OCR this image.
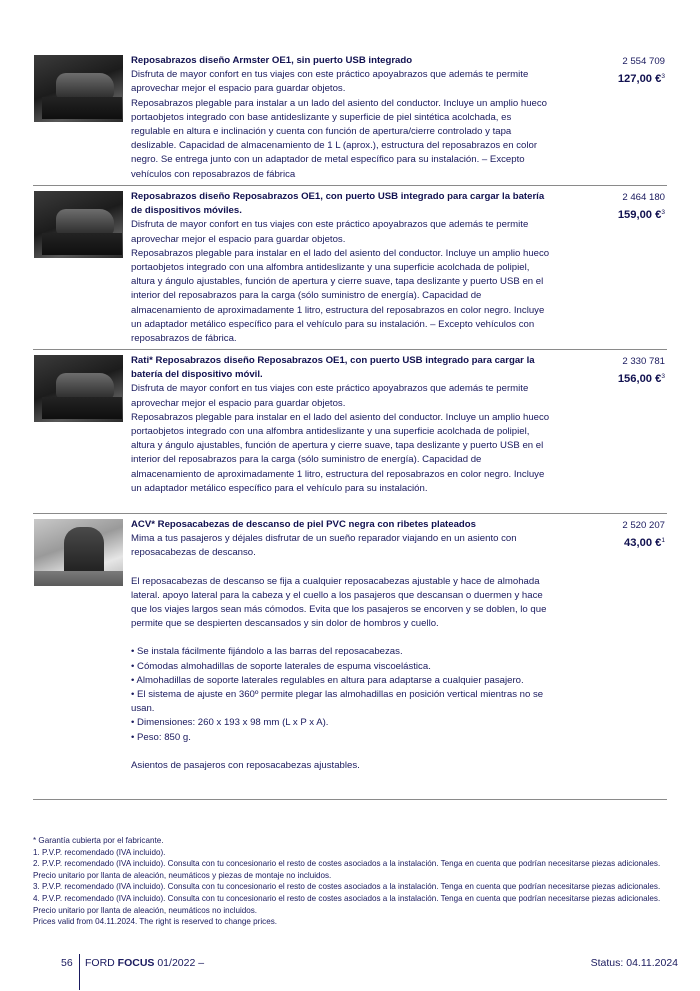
Reposabrazos diseño Armster OE1, sin puerto USB integrado

Disfruta de mayor confort en tus viajes con este práctico apoyabrazos que además te permite aprovechar mejor el espacio para guardar objetos.

Reposabrazos plegable para instalar a un lado del asiento del conductor. Incluye un amplio hueco portaobjetos integrado con base antideslizante y superficie de piel sintética acolchada, es regulable en altura e inclinación y cuenta con función de apertura/cierre controlado y tapa deslizable. Capacidad de almacenamiento de 1 L (aprox.), estructura del reposabrazos en color negro. Se entrega junto con un adaptador de metal específico para su instalación. – Excepto vehículos con reposabrazos de fábrica

2 554 709
127,00 €$^3$

Reposabrazos diseño Reposabrazos OE1, con puerto USB integrado para cargar la batería de dispositivos móviles.

Disfruta de mayor confort en tus viajes con este práctico apoyabrazos que además te permite aprovechar mejor el espacio para guardar objetos.

Reposabrazos plegable para instalar en el lado del asiento del conductor. Incluye un amplio hueco portaobjetos integrado con una alfombra antideslizante y una superficie acolchada de polipiel, altura y ángulo ajustables, función de apertura y cierre suave, tapa deslizante y puerto USB en el interior del reposabrazos para la carga (sólo suministro de energía). Capacidad de almacenamiento de aproximadamente 1 litro, estructura del reposabrazos en color negro. Incluye un adaptador metálico específico para el vehículo para su instalación. – Excepto vehículos con reposabrazos de fábrica.

2 464 180
159,00 €$^3$

Rati* Reposabrazos diseño Reposabrazos OE1, con puerto USB integrado para cargar la batería del dispositivo móvil.

Disfruta de mayor confort en tus viajes con este práctico apoyabrazos que además te permite aprovechar mejor el espacio para guardar objetos.

Reposabrazos plegable para instalar en el lado del asiento del conductor. Incluye un amplio hueco portaobjetos integrado con una alfombra antideslizante y una superficie acolchada de polipiel, altura y ángulo ajustables, función de apertura y cierre suave, tapa deslizante y puerto USB en el interior del reposabrazos para la carga (sólo suministro de energía). Capacidad de almacenamiento de aproximadamente 1 litro, estructura del reposabrazos en color negro. Incluye un adaptador metálico específico para el vehículo para su instalación.

2 330 781
156,00 €$^3$

ACV* Reposacabezas de descanso de piel PVC negra con ribetes plateados

Mima a tus pasajeros y déjales disfrutar de un sueño reparador viajando en un asiento con reposacabezas de descanso.

El reposacabezas de descanso se fija a cualquier reposacabezas ajustable y hace de almohada lateral. apoyo lateral para la cabeza y el cuello a los pasajeros que descansan o duermen y hace que los viajes largos sean más cómodos. Evita que los pasajeros se encorven y se doblen, lo que permite que se despierten descansados y sin dolor de hombros y cuello.

• Se instala fácilmente fijándolo a las barras del reposacabezas.
• Cómodas almohadillas de soporte laterales de espuma viscoelástica.
• Almohadillas de soporte laterales regulables en altura para adaptarse a cualquier pasajero.
• El sistema de ajuste en 360º permite plegar las almohadillas en posición vertical mientras no se usan.
• Dimensiones: 260 x 193 x 98 mm (L x P x A).
• Peso: 850 g.

Asientos de pasajeros con reposacabezas ajustables.

2 520 207
43,00 €$^1$

* Garantía cubierta por el fabricante.

1. P.V.P. recomendado (IVA incluido).

2. P.V.P. recomendado (IVA incluido). Consulta con tu concesionario el resto de costes asociados a la instalación. Tenga en cuenta que podrían necesitarse piezas adicionales. Precio unitario por llanta de aleación, neumáticos y piezas de montaje no incluidos.

3. P.V.P. recomendado (IVA incluido). Consulta con tu concesionario el resto de costes asociados a la instalación. Tenga en cuenta que podrían necesitarse piezas adicionales.

4. P.V.P. recomendado (IVA incluido). Consulta con tu concesionario el resto de costes asociados a la instalación. Tenga en cuenta que podrían necesitarse piezas adicionales. Precio unitario por llanta de aleación, neumáticos no incluidos.

Prices valid from 04.11.2024. The right is reserved to change prices.

56 FORD FOCUS 01/2022 –	Status: 04.11.2024
